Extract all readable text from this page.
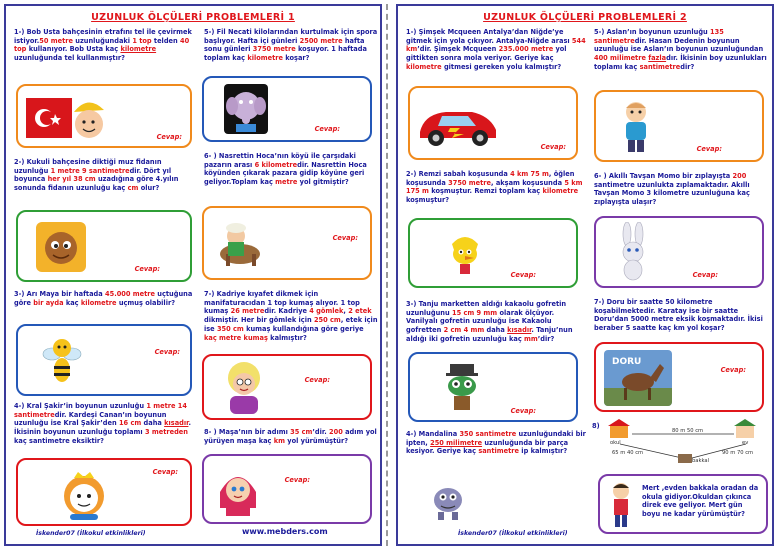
UZUNLUK ÖLÇÜLERİ PROBLEMLERİ 1
1-) Bob Usta bahçesinin etrafını tel ile çevirmek istiyor.50 metre uzunluğundaki 1 top telden 40 top kullanıyor. Bob Usta kaç kilometre uzunluğunda tel kullanmıştır?
Cevap:
2-) Kukuli bahçesine diktiği muz fidanın uzunluğu 1 metre 9 santimetredir. Dört yıl boyunca her yıl 38 cm uzadığına göre 4.yılın sonunda fidanın uzunluğu kaç cm olur?
Cevap:
3-) Arı Maya bir haftada 45.000 metre uçtuğuna göre bir ayda kaç kilometre uçmuş olabilir?
Cevap:
4-) Kral Şakir’in boyunun uzunluğu 1 metre 14 santimetredir. Kardeşi Canan’ın boyunun uzunluğu ise Kral Şakir’den 16 cm daha kısadır. İkisinin boyunun uzunluğu toplamı 3 metreden kaç santimetre eksiktir?
Cevap:
5-) Fil Necati kilolarından kurtulmak için spora başlıyor. Hafta içi günleri 2500 metre hafta sonu günleri 3750 metre koşuyor. 1 haftada toplam kaç kilometre koşar?
Cevap:
6- ) Nasrettin Hoca’nın köyü ile çarşıdaki pazarın arası 6 kilometredir. Nasrettin Hoca köyünden çıkarak pazara gidip köyüne geri geliyor.Toplam kaç metre yol gitmiştir?
Cevap:
7-) Kadriye kıyafet dikmek için manifaturacıdan 1 top kumaş alıyor. 1 top kumaş 26 metredir. Kadriye 4 gömlek, 2 etek dikmiştir. Her bir gömlek için 250 cm, etek için ise 350 cm kumaş kullandığına göre geriye kaç metre kumaş kalmıştır?
Cevap:
8- ) Maşa’nın bir adımı 35 cm’dir. 200 adım yol yürüyen maşa kaç km yol yürümüştür?
Cevap:
İskender07 (İlkokul etkinlikleri)	www.mebders.com
UZUNLUK ÖLÇÜLERİ PROBLEMLERİ 2
1-) Şimşek Mcqueen Antalya’dan Niğde’ye gitmek için yola çıkıyor. Antalya-Niğde arası 544 km’dir. Şimşek Mcqueen 235.000 metre yol gittikten sonra mola veriyor. Geriye kaç kilometre gitmesi gereken yolu kalmıştır?
Cevap:
2-) Remzi sabah koşusunda 4 km 75 m, öğlen koşusunda 3750 metre, akşam koşusunda 5 km 175 m koşmuştur. Remzi toplam kaç kilometre koşmuştur?
Cevap:
3-) Tanju marketten aldığı kakaolu gofretin uzunluğunu 15 cm 9 mm olarak ölçüyor. Vanilyalı gofretin uzunluğu ise Kakaolu gofretten 2 cm 4 mm daha kısadır. Tanju’nun aldığı iki gofretin uzunluğu kaç mm’dir?
Cevap:
4-) Mandalina 350 santimetre uzunluğundaki bir ipten, 250 milimetre uzunluğunda bir parça kesiyor. Geriye kaç santimetre ip kalmıştır?
İskender07 (İlkokul etkinlikleri)
5-) Aslan’ın boyunun uzunluğu 135 santimetredir. Hasan Dedenin boyunun uzunluğu ise Aslan’ın boyunun uzunluğundan 400 milimetre fazladır. İkisinin boy uzunlukları toplamı kaç santimetredir?
Cevap:
6- ) Akıllı Tavşan Momo bir zıplayışta 200 santimetre uzunlukta zıplamaktadır. Akıllı Tavşan Momo 3 kilometre uzunluğuna kaç zıplayışta ulaşır?
Cevap:
7-) Doru bir saatte 50 kilometre koşabilmektedir. Karatay ise bir saatte Doru’dan 5000 metre eksik koşmaktadır. İkisi beraber 5 saatte kaç km yol koşar?
DORU
Cevap:
8)
okul
80 m 50 cm
65 m 40 cm
ev
90 m 70 cm
bakkal
Mert ,evden bakkala oradan da okula gidiyor.Okuldan çıkınca direk eve geliyor. Mert gün boyu ne kadar yürümüştür?
